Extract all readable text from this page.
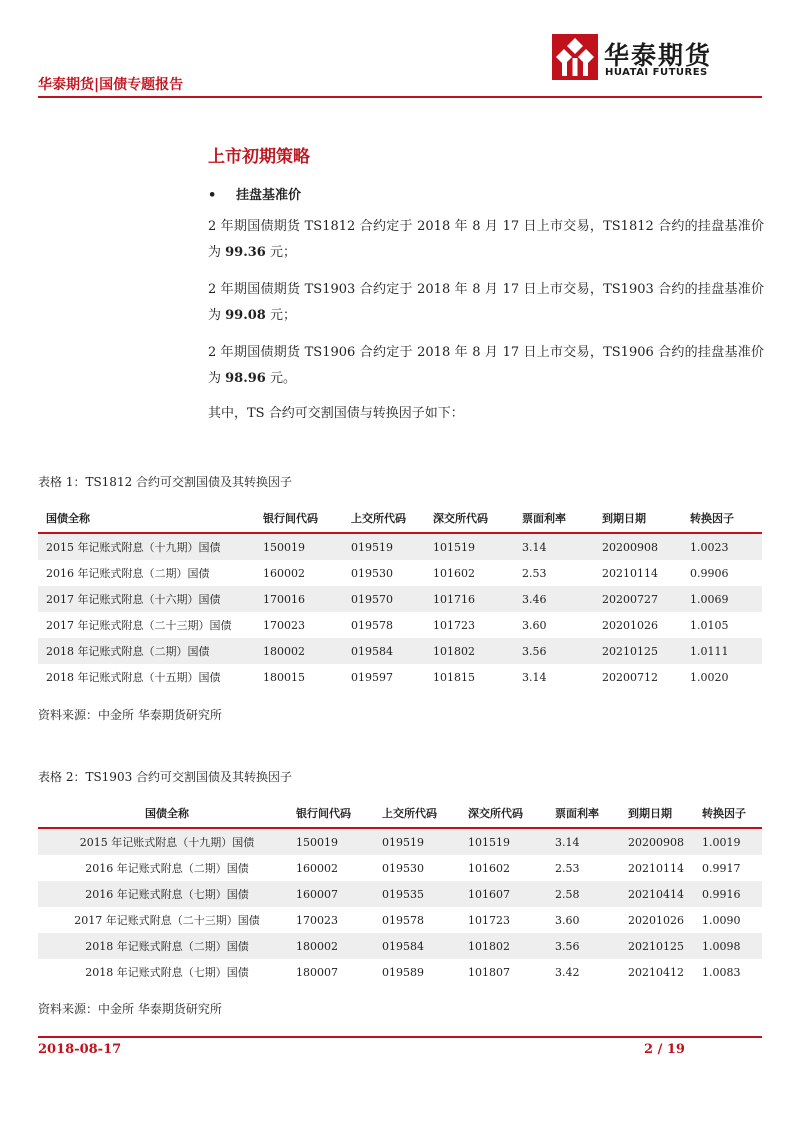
华泰期货|国债专题报告
华泰期货
HUATAI FUTURES
上市初期策略
• 挂盘基准价
2 年期国债期货 TS1812 合约定于 2018 年 8 月 17 日上市交易，TS1812 合约的挂盘基准价为 99.36 元；
2 年期国债期货 TS1903 合约定于 2018 年 8 月 17 日上市交易，TS1903 合约的挂盘基准价为 99.08 元；
2 年期国债期货 TS1906 合约定于 2018 年 8 月 17 日上市交易，TS1906 合约的挂盘基准价为 98.96 元。
其中，TS 合约可交割国债与转换因子如下：
表格 1：TS1812 合约可交割国债及其转换因子
国债全称	银行间代码	上交所代码	深交所代码	票面利率	到期日期	转换因子
2015 年记账式附息（十九期）国债	150019	019519	101519	3.14	20200908	1.0023
2016 年记账式附息（二期）国债	160002	019530	101602	2.53	20210114	0.9906
2017 年记账式附息（十六期）国债	170016	019570	101716	3.46	20200727	1.0069
2017 年记账式附息（二十三期）国债	170023	019578	101723	3.60	20201026	1.0105
2018 年记账式附息（二期）国债	180002	019584	101802	3.56	20210125	1.0111
2018 年记账式附息（十五期）国债	180015	019597	101815	3.14	20200712	1.0020
资料来源：中金所 华泰期货研究所
表格 2：TS1903 合约可交割国债及其转换因子
国债全称	银行间代码	上交所代码	深交所代码	票面利率	到期日期	转换因子
2015 年记账式附息（十九期）国债	150019	019519	101519	3.14	20200908	1.0019
2016 年记账式附息（二期）国债	160002	019530	101602	2.53	20210114	0.9917
2016 年记账式附息（七期）国债	160007	019535	101607	2.58	20210414	0.9916
2017 年记账式附息（二十三期）国债	170023	019578	101723	3.60	20201026	1.0090
2018 年记账式附息（二期）国债	180002	019584	101802	3.56	20210125	1.0098
2018 年记账式附息（七期）国债	180007	019589	101807	3.42	20210412	1.0083
资料来源：中金所 华泰期货研究所
2018-08-17	2 / 19
